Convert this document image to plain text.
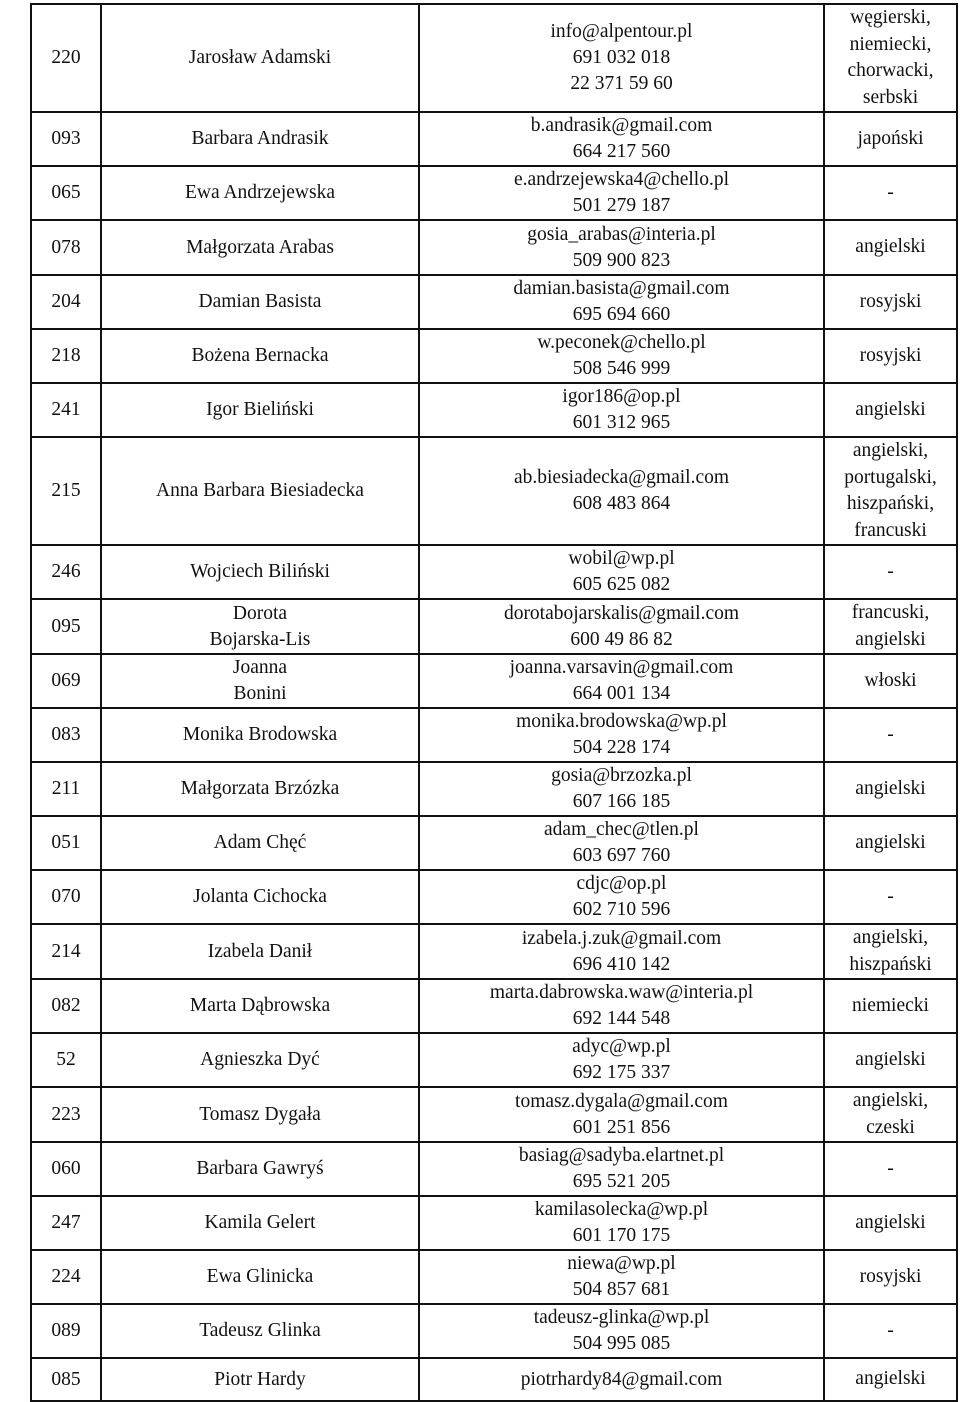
220	Jarosław Adamski	info@alpentour.pl
691 032 018
22 371 59 60	węgierski,
niemiecki,
chorwacki,
serbski

093	Barbara Andrasik	b.andrasik@gmail.com
664 217 560	japoński

065	Ewa Andrzejewska	e.andrzejewska4@chello.pl
501 279 187	-

078	Małgorzata Arabas	gosia_arabas@interia.pl
509 900 823	angielski

204	Damian Basista	damian.basista@gmail.com
695 694 660	rosyjski

218	Bożena Bernacka	w.peconek@chello.pl
508 546 999	rosyjski

241	Igor Bieliński	igor186@op.pl
601 312 965	angielski

215	Anna Barbara Biesiadecka	ab.biesiadecka@gmail.com
608 483 864	angielski,
portugalski,
hiszpański,
francuski

246	Wojciech Biliński	wobil@wp.pl
605 625 082	-

095	Dorota
Bojarska-Lis	dorotabojarskalis@gmail.com
600 49 86 82	francuski,
angielski

069	Joanna
Bonini	joanna.varsavin@gmail.com
664 001 134	włoski

083	Monika Brodowska	monika.brodowska@wp.pl
504 228 174	-

211	Małgorzata Brzózka	gosia@brzozka.pl
607 166 185	angielski

051	Adam Chęć	adam_chec@tlen.pl
603 697 760	angielski

070	Jolanta Cichocka	cdjc@op.pl
602 710 596	-

214	Izabela Danił	izabela.j.zuk@gmail.com
696 410 142	angielski,
hiszpański

082	Marta Dąbrowska	marta.dabrowska.waw@interia.pl
692 144 548	niemiecki

52	Agnieszka Dyć	adyc@wp.pl
692 175 337	angielski

223	Tomasz Dygała	tomasz.dygala@gmail.com
601 251 856	angielski,
czeski

060	Barbara Gawryś	basiag@sadyba.elartnet.pl
695 521 205	-

247	Kamila Gelert	kamilasolecka@wp.pl
601 170 175	angielski

224	Ewa Glinicka	niewa@wp.pl
504 857 681	rosyjski

089	Tadeusz Glinka	tadeusz-glinka@wp.pl
504 995 085	-

085	Piotr Hardy	piotrhardy84@gmail.com	angielski
